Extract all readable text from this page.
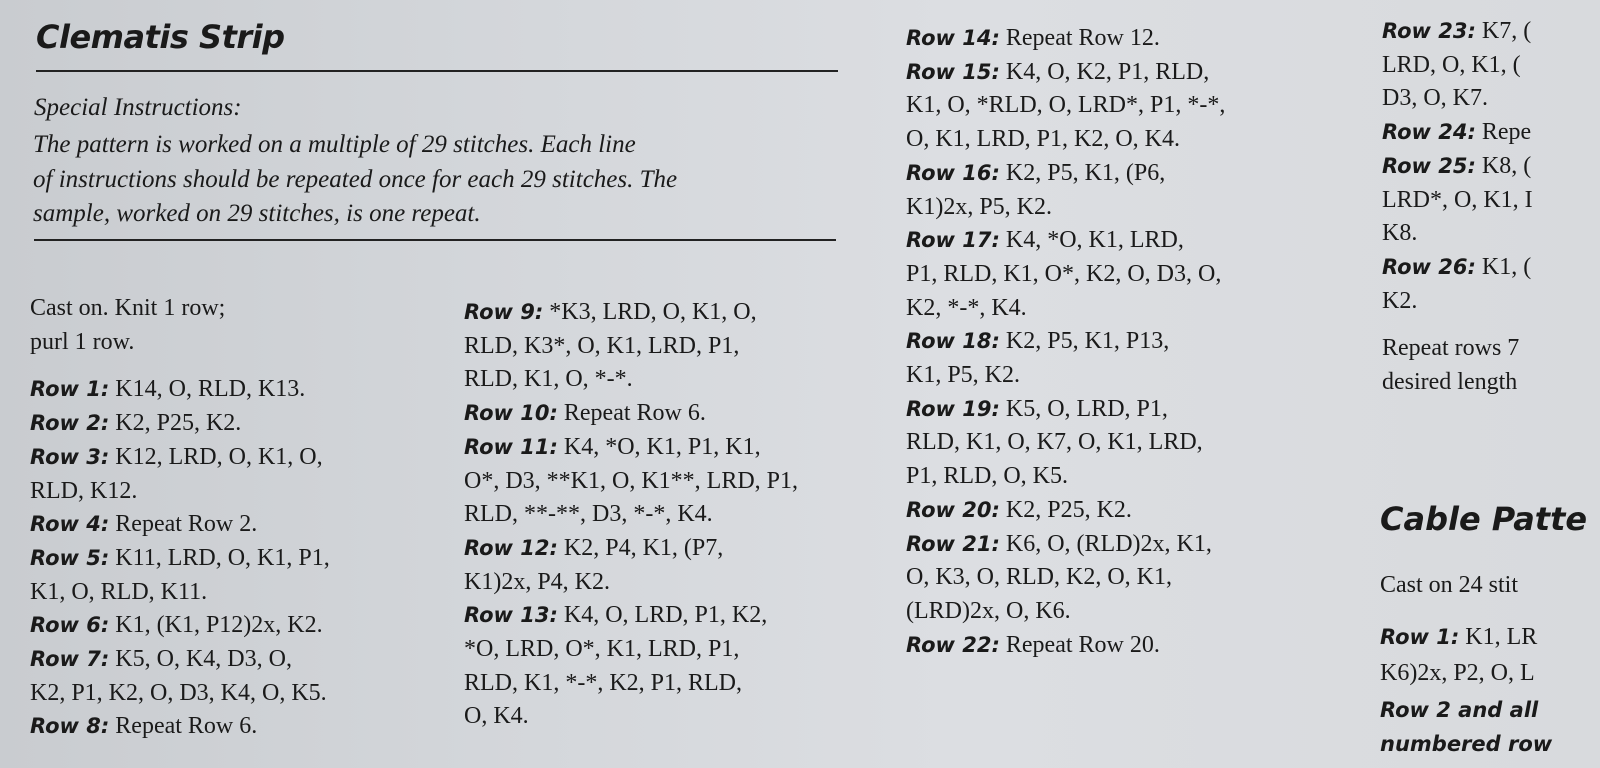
Clematis Strip
Special Instructions:
The pattern is worked on a multiple of 29 stitches. Each line
of instructions should be repeated once for each 29 stitches. The
sample, worked on 29 stitches, is one repeat.
Cast on. Knit 1 row;
purl 1 row.
Row 1: K14, O, RLD, K13.
Row 2: K2, P25, K2.
Row 3: K12, LRD, O, K1, O,
RLD, K12.
Row 4: Repeat Row 2.
Row 5: K11, LRD, O, K1, P1,
K1, O, RLD, K11.
Row 6: K1, (K1, P12)2x, K2.
Row 7: K5, O, K4, D3, O,
K2, P1, K2, O, D3, K4, O, K5.
Row 8: Repeat Row 6.
Row 9: *K3, LRD, O, K1, O,
RLD, K3*, O, K1, LRD, P1,
RLD, K1, O, *-*.
Row 10: Repeat Row 6.
Row 11: K4, *O, K1, P1, K1,
O*, D3, **K1, O, K1**, LRD, P1,
RLD, **-**, D3, *-*, K4.
Row 12: K2, P4, K1, (P7,
K1)2x, P4, K2.
Row 13: K4, O, LRD, P1, K2,
*O, LRD, O*, K1, LRD, P1,
RLD, K1, *-*, K2, P1, RLD,
O, K4.
Row 14: Repeat Row 12.
Row 15: K4, O, K2, P1, RLD,
K1, O, *RLD, O, LRD*, P1, *-*,
O, K1, LRD, P1, K2, O, K4.
Row 16: K2, P5, K1, (P6,
K1)2x, P5, K2.
Row 17: K4, *O, K1, LRD,
P1, RLD, K1, O*, K2, O, D3, O,
K2, *-*, K4.
Row 18: K2, P5, K1, P13,
K1, P5, K2.
Row 19: K5, O, LRD, P1,
RLD, K1, O, K7, O, K1, LRD,
P1, RLD, O, K5.
Row 20: K2, P25, K2.
Row 21: K6, O, (RLD)2x, K1,
O, K3, O, RLD, K2, O, K1,
(LRD)2x, O, K6.
Row 22: Repeat Row 20.
Row 23: K7, (
LRD, O, K1, (
D3, O, K7.
Row 24: Repe
Row 25: K8, (
LRD*, O, K1, I
K8.
Row 26: K1, (
K2.
Repeat rows 7
desired length
Cable Patte
Cast on 24 stit
Row 1: K1, LR
K6)2x, P2, O, L
Row 2 and all
numbered row
